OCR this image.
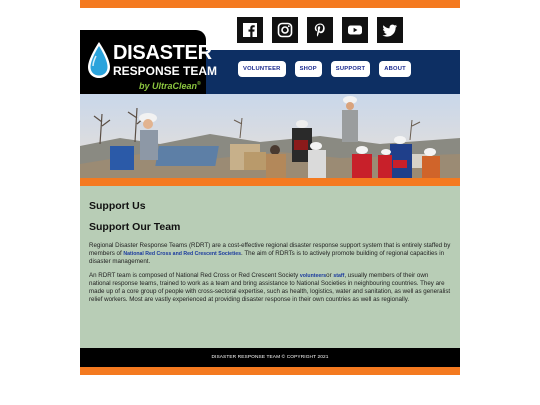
VOLUNTEER	SHOP	SUPPORT	ABOUT
DISASTER
RESPONSE TEAM
by UltraClean®
Support Us
Support Our Team

Regional Disaster Response Teams (RDRT) are a cost-effective regional disaster response support system that is entirely staffed by members of National Red Cross and Red Crescent Societies. The aim of RDRTs is to actively promote building of regional capacities in disaster management.

An RDRT team is composed of National Red Cross or Red Crescent Society volunteersor staff, usually members of their own national response teams, trained to work as a team and bring assistance to National Societies in neighbouring countries. They are made up of a core group of people with cross-sectoral expertise, such as health, logistics, water and sanitation, as well as generalist relief workers. Most are vastly experienced at providing disaster response in their own countries as well as regionally.

DISASTER RESPONSE TEAM © COPYRIGHT 2021
